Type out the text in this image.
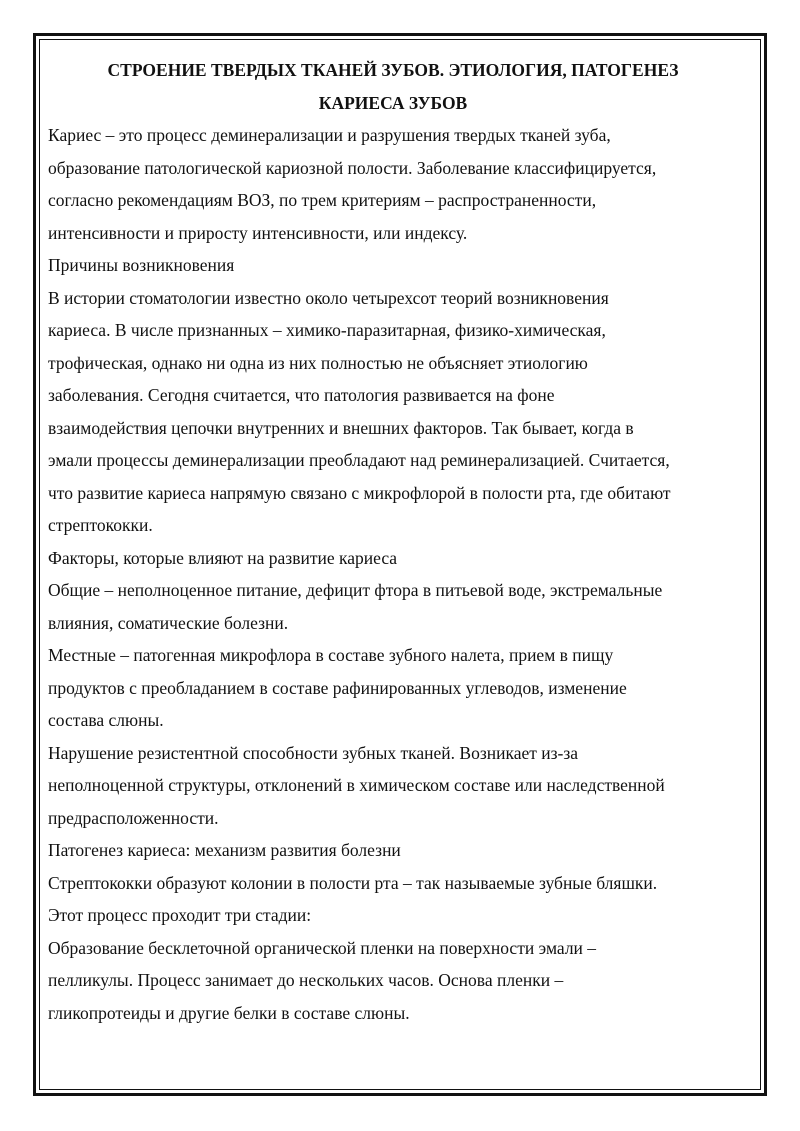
СТРОЕНИЕ ТВЕРДЫХ ТКАНЕЙ ЗУБОВ. ЭТИОЛОГИЯ, ПАТОГЕНЕЗ
КАРИЕСА ЗУБОВ

Кариес – это процесс деминерализации и разрушения твердых тканей зуба,

образование патологической кариозной полости. Заболевание классифицируется,

согласно рекомендациям ВОЗ, по трем критериям – распространенности,

интенсивности и приросту интенсивности, или индексу.

Причины возникновения

В истории стоматологии известно около четырехсот теорий возникновения

кариеса. В числе признанных – химико-паразитарная, физико-химическая,

трофическая, однако ни одна из них полностью не объясняет этиологию

заболевания. Сегодня считается, что патология развивается на фоне

взаимодействия цепочки внутренних и внешних факторов. Так бывает, когда в

эмали процессы деминерализации преобладают над реминерализацией. Считается,

что развитие кариеса напрямую связано с микрофлорой в полости рта, где обитают

стрептококки.

Факторы, которые влияют на развитие кариеса

Общие – неполноценное питание, дефицит фтора в питьевой воде, экстремальные

влияния, соматические болезни.

Местные – патогенная микрофлора в составе зубного налета, прием в пищу

продуктов с преобладанием в составе рафинированных углеводов, изменение

состава слюны.

Нарушение резистентной способности зубных тканей. Возникает из-за

неполноценной структуры, отклонений в химическом составе или наследственной

предрасположенности.

Патогенез кариеса: механизм развития болезни

Стрептококки образуют колонии в полости рта – так называемые зубные бляшки.

Этот процесс проходит три стадии:

Образование бесклеточной органической пленки на поверхности эмали –

пелликулы. Процесс занимает до нескольких часов. Основа пленки –

гликопротеиды и другие белки в составе слюны.
